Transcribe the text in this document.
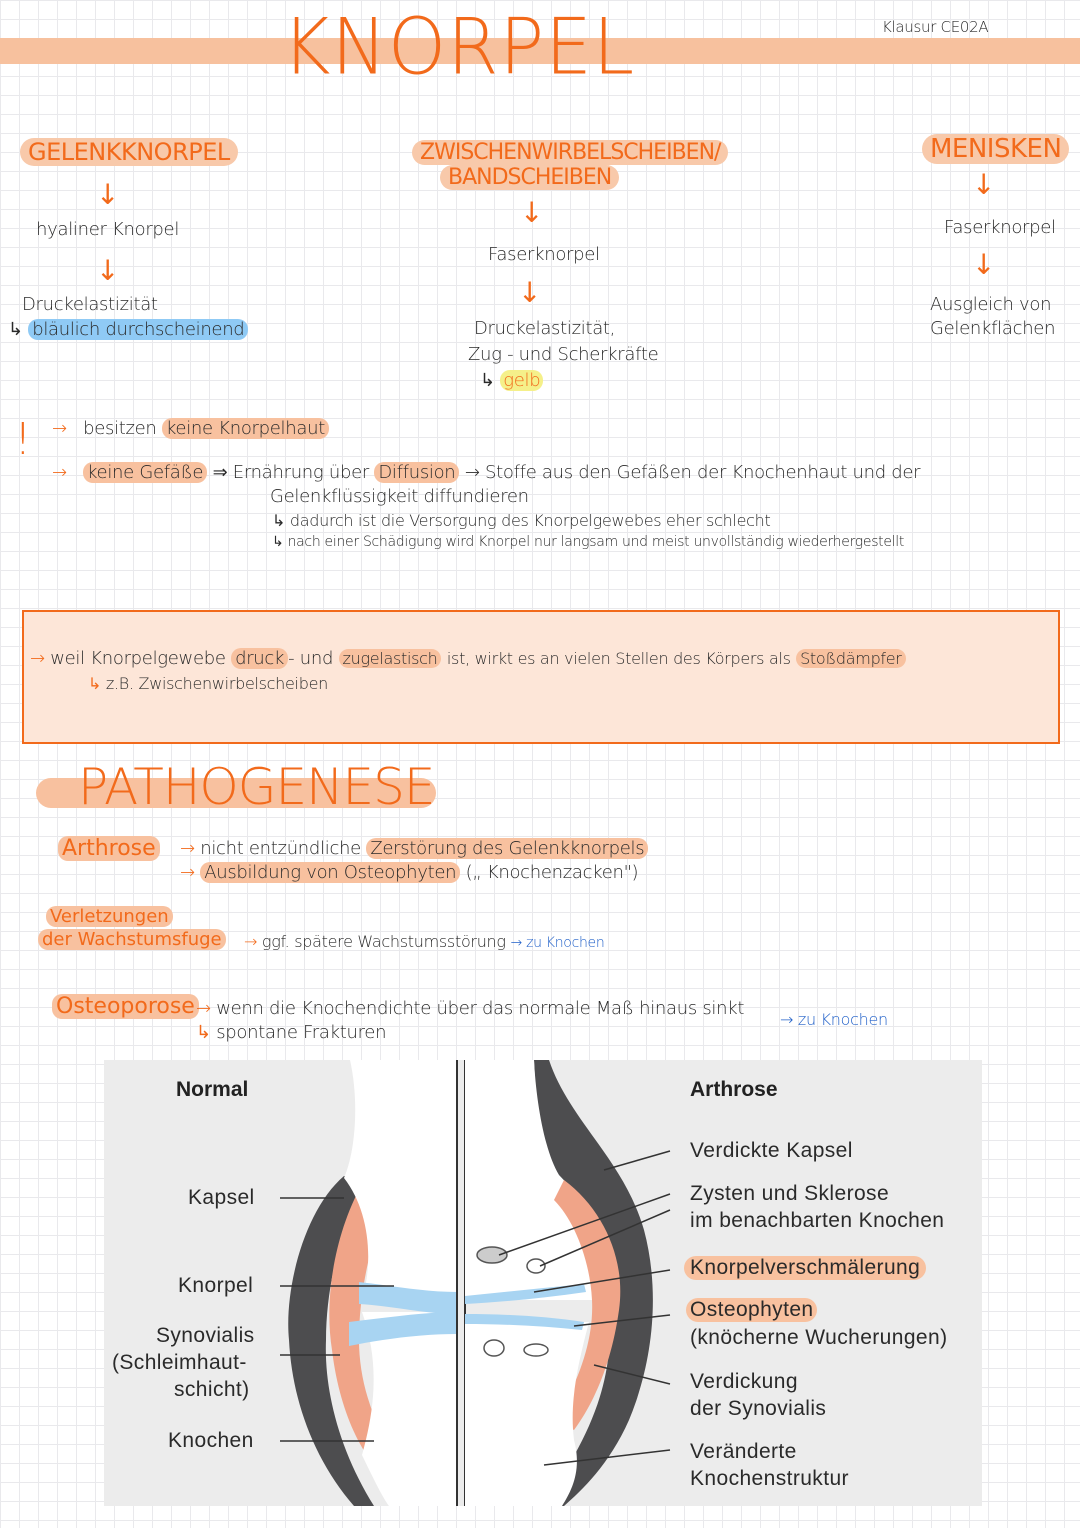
KNORPEL	Klausur CE02A
GELENKKNORPEL
↓
hyaliner Knorpel
↓
Druckelastizität
↳ bläulich durchscheinend
ZWISCHENWIRBELSCHEIBEN/
BANDSCHEIBEN
↓
Faserknorpel
↓
Druckelastizität,
Zug - und Scherkräfte
↳ gelb
MENISKEN
↓
Faserknorpel
↓
Ausgleich von
Gelenkflächen
! → besitzen keine Knorpelhaut
→ keine Gefäße ⇒ Ernährung über Diffusion → Stoffe aus den Gefäßen der Knochenhaut und der
Gelenkflüssigkeit diffundieren
↳ dadurch ist die Versorgung des Knorpelgewebes eher schlecht
↳ nach einer Schädigung wird Knorpel nur langsam und meist unvollständig wiederhergestellt
→ weil Knorpelgewebe druck - und zugelastisch ist, wirkt es an vielen Stellen des Körpers als Stoßdämpfer
↳ z.B. Zwischenwirbelscheiben
PATHOGENESE
Arthrose → nicht entzündliche Zerstörung des Gelenkknorpels
→ Ausbildung von Osteophyten („ Knochenzacken")
Verletzungen
der Wachstumsfuge → ggf. spätere Wachstumsstörung → zu Knochen
Osteoporose → wenn die Knochendichte über das normale Maß hinaus sinkt
→ zu Knochen
↳ spontane Frakturen
Normal	Arthrose
Kapsel
Knorpel
Synovialis
(Schleimhaut-
schicht)
Knochen
Verdickte Kapsel
Zysten und Sklerose
im benachbarten Knochen
Knorpelverschmälerung
Osteophyten
(knöcherne Wucherungen)
Verdickung
der Synovialis
Veränderte
Knochenstruktur
